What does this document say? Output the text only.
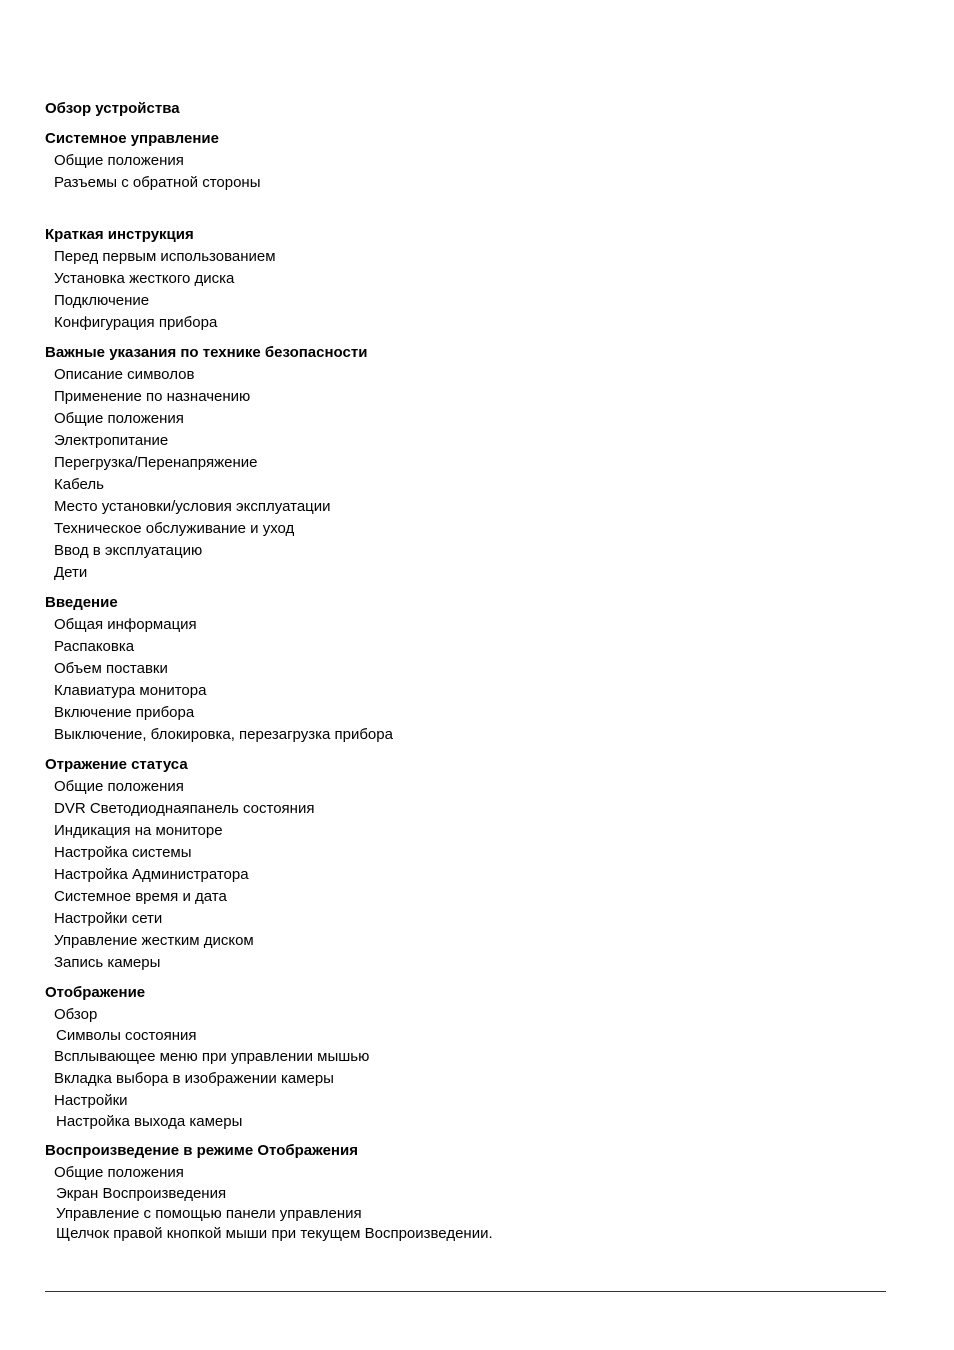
Обзор устройства
Системное управление
Общие положения
Разъемы с обратной стороны
Краткая инструкция
Перед первым использованием
Установка жесткого диска
Подключение
Конфигурация прибора
Важные указания по технике безопасности
Описание символов
Применение по назначению
Общие положения
Электропитание
Перегрузка/Перенапряжение
Кабель
Место установки/условия эксплуатации
Техническое обслуживание и уход
Ввод в эксплуатацию
Дети
Введение
Общая информация
Распаковка
Объем поставки
Клавиатура монитора
Включение прибора
Выключение, блокировка, перезагрузка прибора
Отражение статуса
Общие положения
DVR Светодиоднаяпанель состояния
Индикация на мониторе
Настройка системы
Настройка Администратора
Системное время и дата
Настройки сети
Управление жестким диском
Запись камеры
Отображение
Обзор
Символы состояния
Всплывающее меню при управлении мышью
Вкладка выбора в изображении камеры
Настройки
Настройка выхода камеры
Воспроизведение в режиме Отображения
Общие положения
Экран Воспроизведения
Управление с помощью панели управления
Щелчок правой кнопкой мыши при текущем Воспроизведении.
